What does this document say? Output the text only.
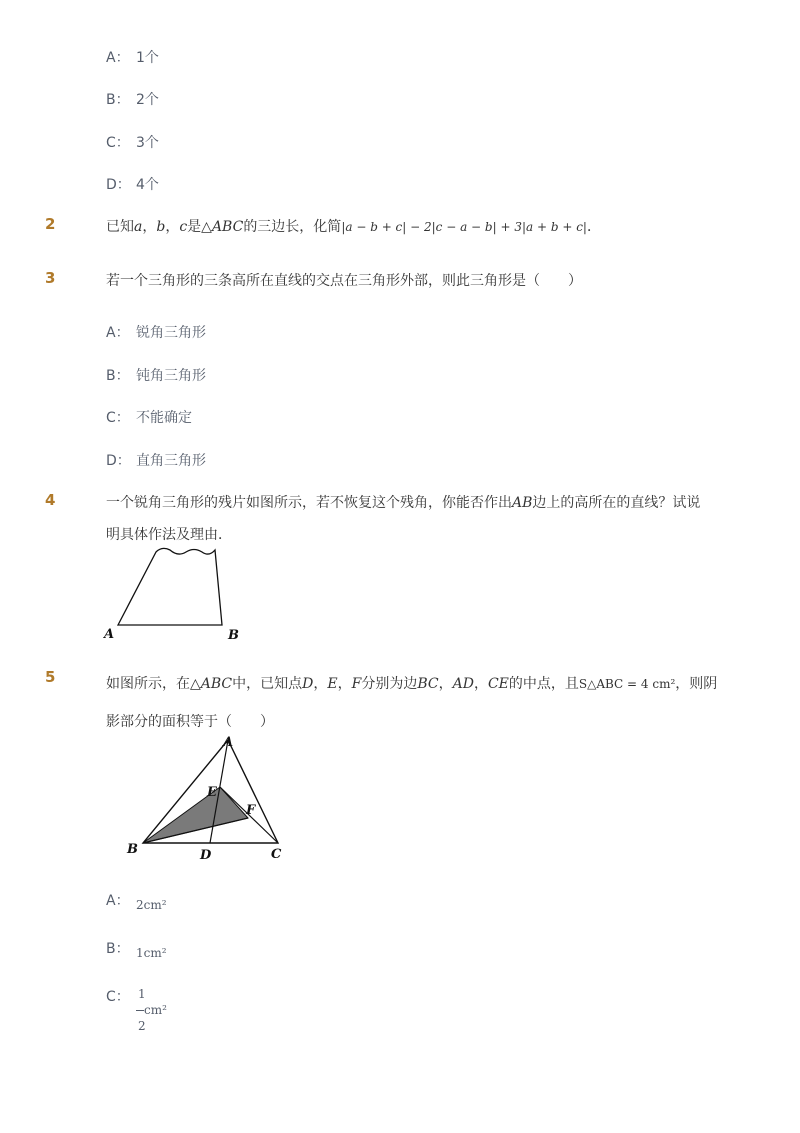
A： 1个
B： 2个
C： 3个
D： 4个
2	已知a，b，c是△ABC的三边长，化简|a − b + c| − 2|c − a − b| + 3|a + b + c|．
3	若一个三角形的三条高所在直线的交点在三角形外部，则此三角形是（　　）
A： 锐角三角形
B： 钝角三角形
C： 不能确定
D： 直角三角形
4	一个锐角三角形的残片如图所示，若不恢复这个残角，你能否作出AB边上的高所在的直线？试说
明具体作法及理由．
A	B
5	如图所示，在△ABC中，已知点D，E，F分别为边BC，AD，CE的中点，且S△ABC = 4 cm²，则阴
影部分的面积等于（　　）
A
B	C
D
E
F
A： 2cm²
B： 1cm²
C： 1
cm²
2
